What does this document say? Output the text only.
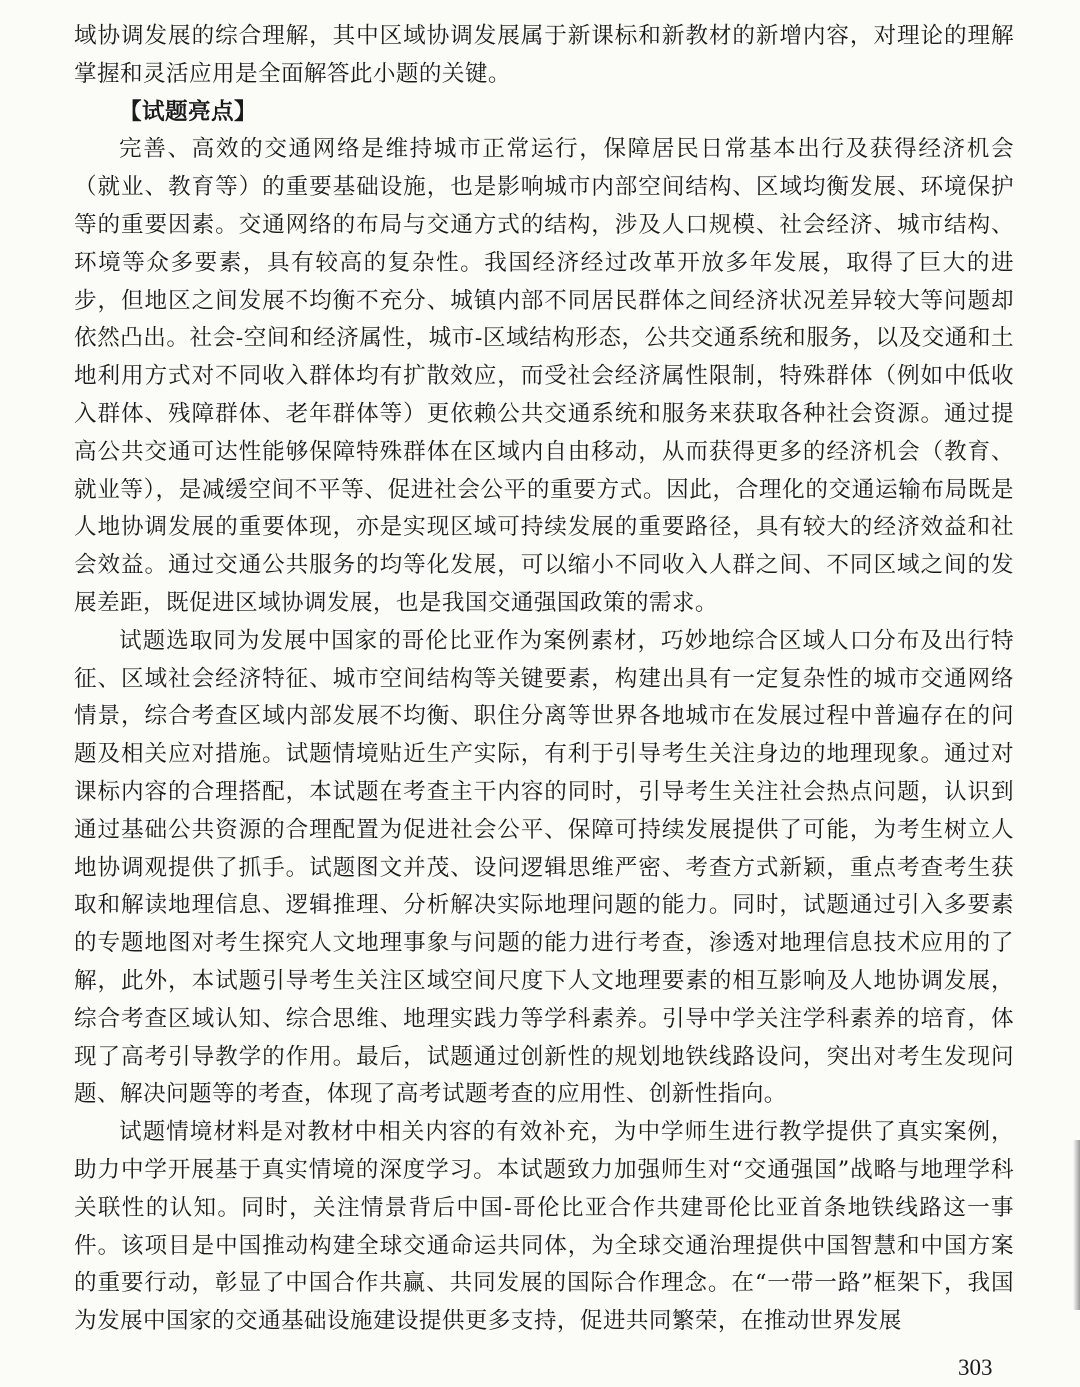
域协调发展的综合理解，其中区域协调发展属于新课标和新教材的新增内容，对理论的理解掌握和灵活应用是全面解答此小题的关键。

【试题亮点】

完善、高效的交通网络是维持城市正常运行，保障居民日常基本出行及获得经济机会（就业、教育等）的重要基础设施，也是影响城市内部空间结构、区域均衡发展、环境保护等的重要因素。交通网络的布局与交通方式的结构，涉及人口规模、社会经济、城市结构、环境等众多要素，具有较高的复杂性。我国经济经过改革开放多年发展，取得了巨大的进步，但地区之间发展不均衡不充分、城镇内部不同居民群体之间经济状况差异较大等问题却依然凸出。社会-空间和经济属性，城市-区域结构形态，公共交通系统和服务，以及交通和土地利用方式对不同收入群体均有扩散效应，而受社会经济属性限制，特殊群体（例如中低收入群体、残障群体、老年群体等）更依赖公共交通系统和服务来获取各种社会资源。通过提高公共交通可达性能够保障特殊群体在区域内自由移动，从而获得更多的经济机会（教育、就业等），是减缓空间不平等、促进社会公平的重要方式。因此，合理化的交通运输布局既是人地协调发展的重要体现，亦是实现区域可持续发展的重要路径，具有较大的经济效益和社会效益。通过交通公共服务的均等化发展，可以缩小不同收入人群之间、不同区域之间的发展差距，既促进区域协调发展，也是我国交通强国政策的需求。

试题选取同为发展中国家的哥伦比亚作为案例素材，巧妙地综合区域人口分布及出行特征、区域社会经济特征、城市空间结构等关键要素，构建出具有一定复杂性的城市交通网络情景，综合考查区域内部发展不均衡、职住分离等世界各地城市在发展过程中普遍存在的问题及相关应对措施。试题情境贴近生产实际，有利于引导考生关注身边的地理现象。通过对课标内容的合理搭配，本试题在考查主干内容的同时，引导考生关注社会热点问题，认识到通过基础公共资源的合理配置为促进社会公平、保障可持续发展提供了可能，为考生树立人地协调观提供了抓手。试题图文并茂、设问逻辑思维严密、考查方式新颖，重点考查考生获取和解读地理信息、逻辑推理、分析解决实际地理问题的能力。同时，试题通过引入多要素的专题地图对考生探究人文地理事象与问题的能力进行考查，渗透对地理信息技术应用的了解，此外，本试题引导考生关注区域空间尺度下人文地理要素的相互影响及人地协调发展，综合考查区域认知、综合思维、地理实践力等学科素养。引导中学关注学科素养的培育，体现了高考引导教学的作用。最后，试题通过创新性的规划地铁线路设问，突出对考生发现问题、解决问题等的考查，体现了高考试题考查的应用性、创新性指向。

试题情境材料是对教材中相关内容的有效补充，为中学师生进行教学提供了真实案例，助力中学开展基于真实情境的深度学习。本试题致力加强师生对“交通强国”战略与地理学科关联性的认知。同时，关注情景背后中国-哥伦比亚合作共建哥伦比亚首条地铁线路这一事件。该项目是中国推动构建全球交通命运共同体，为全球交通治理提供中国智慧和中国方案的重要行动，彰显了中国合作共赢、共同发展的国际合作理念。在“一带一路”框架下，我国为发展中国家的交通基础设施建设提供更多支持，促进共同繁荣，在推动世界发展

303
